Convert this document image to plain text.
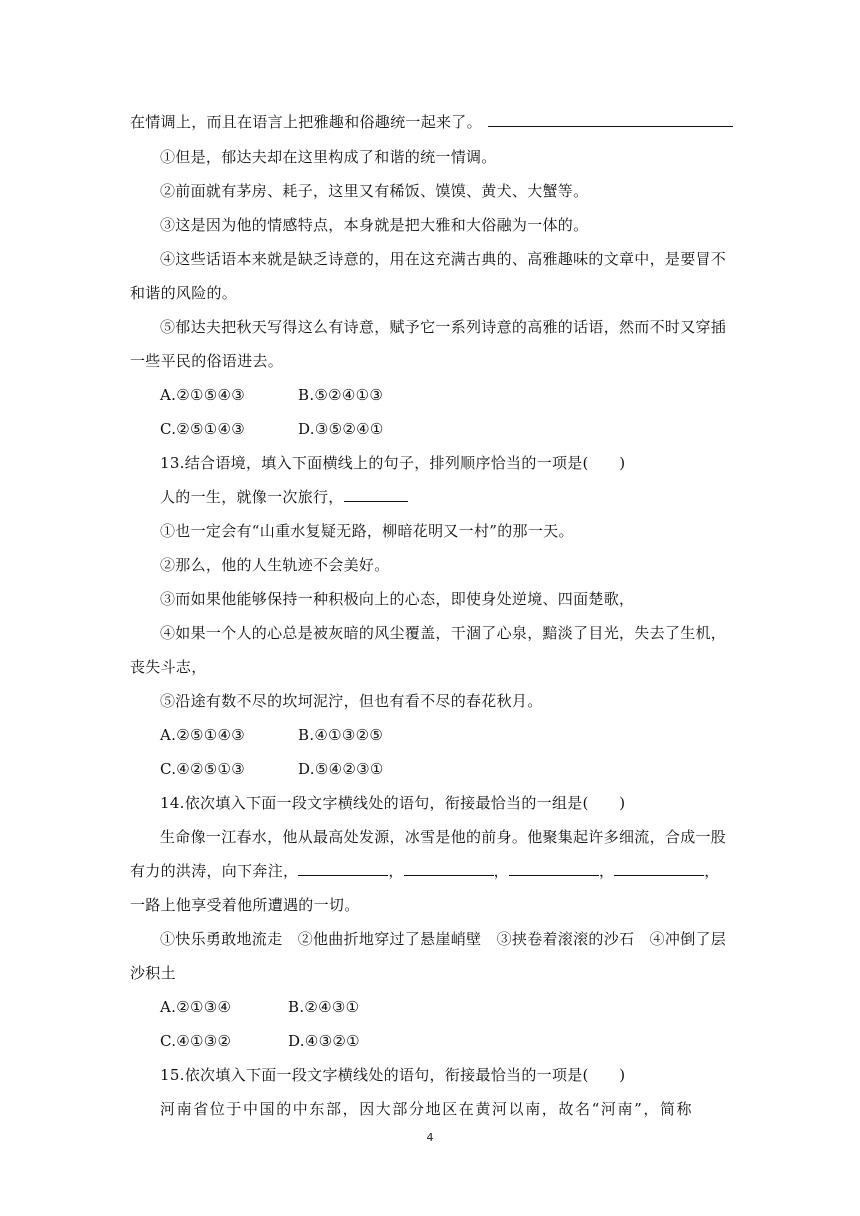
在情调上，而且在语言上把雅趣和俗趣统一起来了。
①但是，郁达夫却在这里构成了和谐的统一情调。
②前面就有茅房、耗子，这里又有稀饭、馍馍、黄犬、大蟹等。
③这是因为他的情感特点，本身就是把大雅和大俗融为一体的。
④这些话语本来就是缺乏诗意的，用在这充满古典的、高雅趣味的文章中，是要冒不
和谐的风险的。
⑤郁达夫把秋天写得这么有诗意，赋予它一系列诗意的高雅的话语，然而不时又穿插
一些平民的俗语进去。
A.②①⑤④③	B.⑤②④①③
C.②⑤①④③	D.③⑤②④①
13.结合语境，填入下面横线上的句子，排列顺序恰当的一项是(　　)
人的一生，就像一次旅行，
①也一定会有“山重水复疑无路，柳暗花明又一村”的那一天。
②那么，他的人生轨迹不会美好。
③而如果他能够保持一种积极向上的心态，即使身处逆境、四面楚歌，
④如果一个人的心总是被灰暗的风尘覆盖，干涸了心泉，黯淡了目光，失去了生机，
丧失斗志，
⑤沿途有数不尽的坎坷泥泞，但也有看不尽的春花秋月。
A.②⑤①④③	B.④①③②⑤
C.④②⑤①③	D.⑤④②③①
14.依次填入下面一段文字横线处的语句，衔接最恰当的一组是(　　)
生命像一江春水，他从最高处发源，冰雪是他的前身。他聚集起许多细流，合成一股
有力的洪涛，向下奔注，	，	，	，	，
一路上他享受着他所遭遇的一切。
①快乐勇敢地流走　②他曲折地穿过了悬崖峭壁　③挟卷着滚滚的沙石　④冲倒了层
沙积土
A.②①③④	B.②④③①
C.④①③②	D.④③②①
15.依次填入下面一段文字横线处的语句，衔接最恰当的一项是(　　)
河南省位于中国的中东部，因大部分地区在黄河以南，故名“河南”，简称
4
